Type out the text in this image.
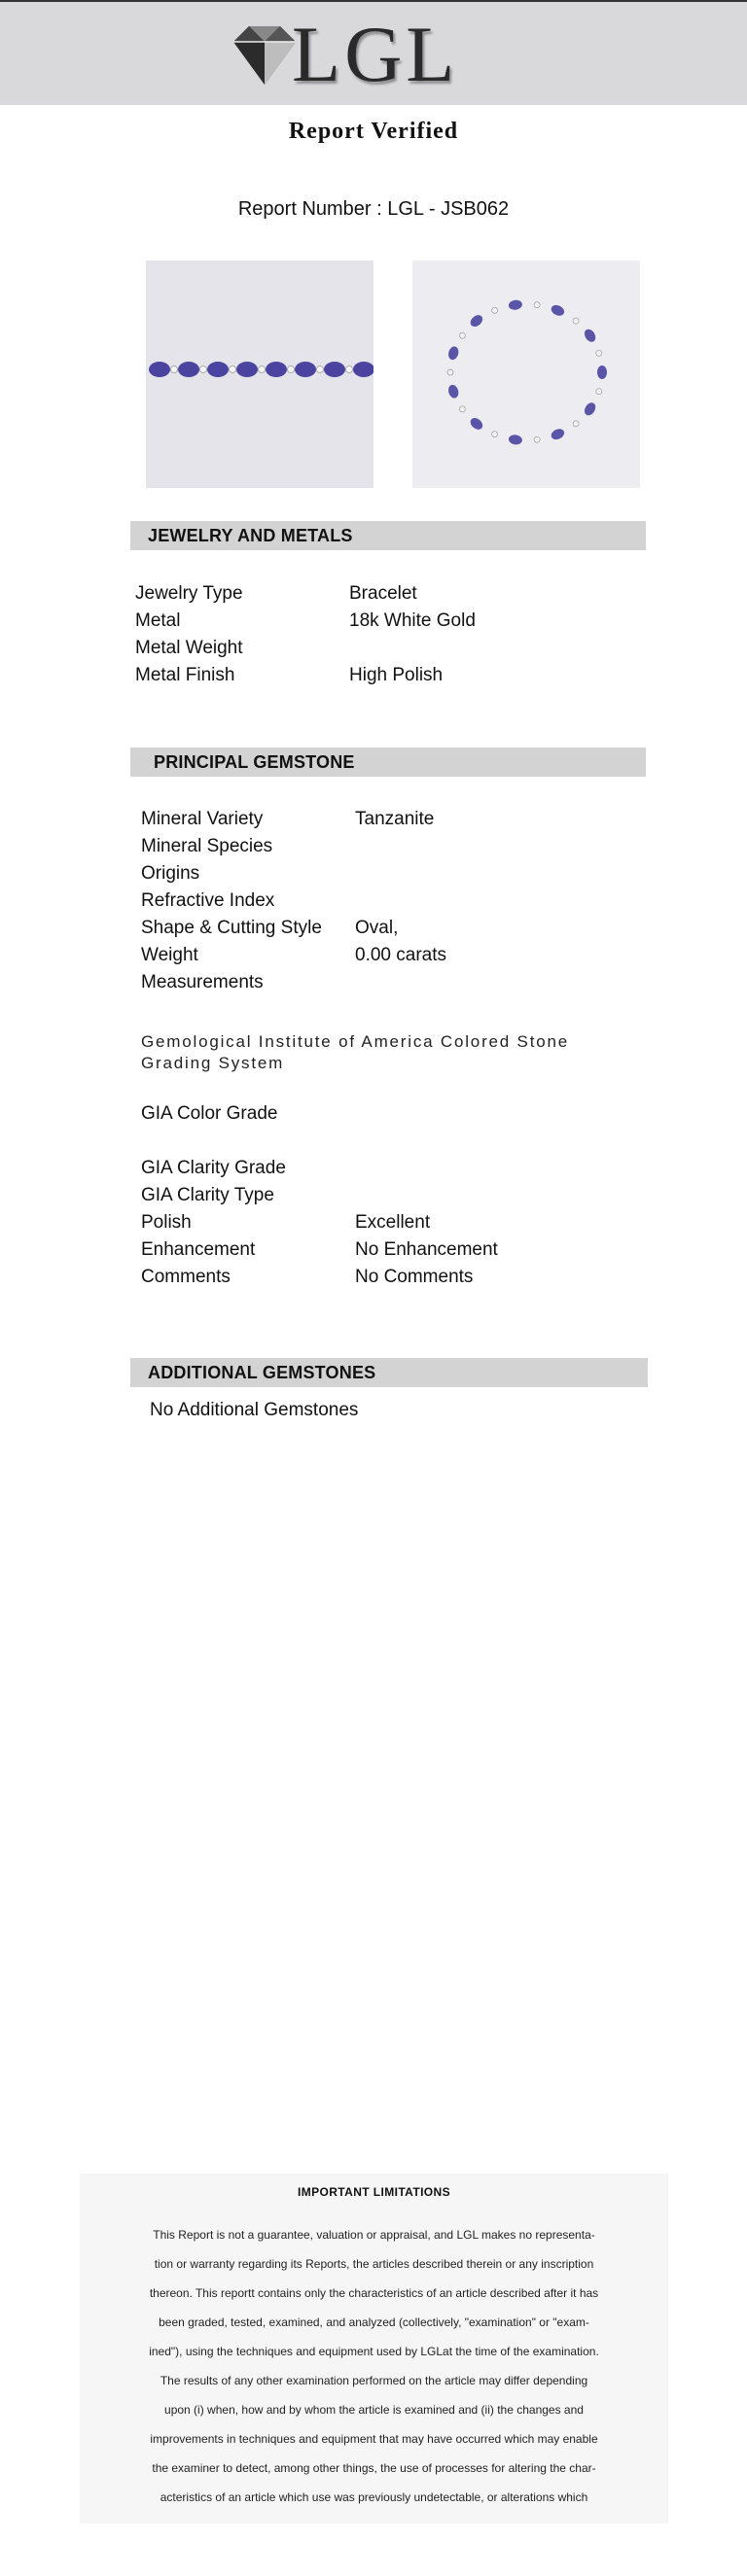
LGL
Report Verified
Report Number : LGL - JSB062
JEWELRY AND METALS
Jewelry Type	Bracelet
Metal	18k White Gold
Metal Weight
Metal Finish	High Polish
PRINCIPAL GEMSTONE
Mineral Variety	Tanzanite
Mineral Species
Origins
Refractive Index
Shape & Cutting Style Oval,
Weight	0.00 carats
Measurements
Gemological Institute of America Colored Stone Grading System
GIA Color Grade
GIA Clarity Grade
GIA Clarity Type
Polish	Excellent
Enhancement	No Enhancement
Comments	No Comments
ADDITIONAL GEMSTONES
No Additional Gemstones
IMPORTANT LIMITATIONS
This Report is not a guarantee, valuation or appraisal, and LGL makes no representa-
tion or warranty regarding its Reports, the articles described therein or any inscription
thereon. This reportt contains only the characteristics of an article described after it has
been graded, tested, examined, and analyzed (collectively, "examination" or "exam-
ined"), using the techniques and equipment used by LGLat the time of the examination.
The results of any other examination performed on the article may differ depending
upon (i) when, how and by whom the article is examined and (ii) the changes and
improvements in techniques and equipment that may have occurred which may enable
the examiner to detect, among other things, the use of processes for altering the char-
acteristics of an article which use was previously undetectable, or alterations which
